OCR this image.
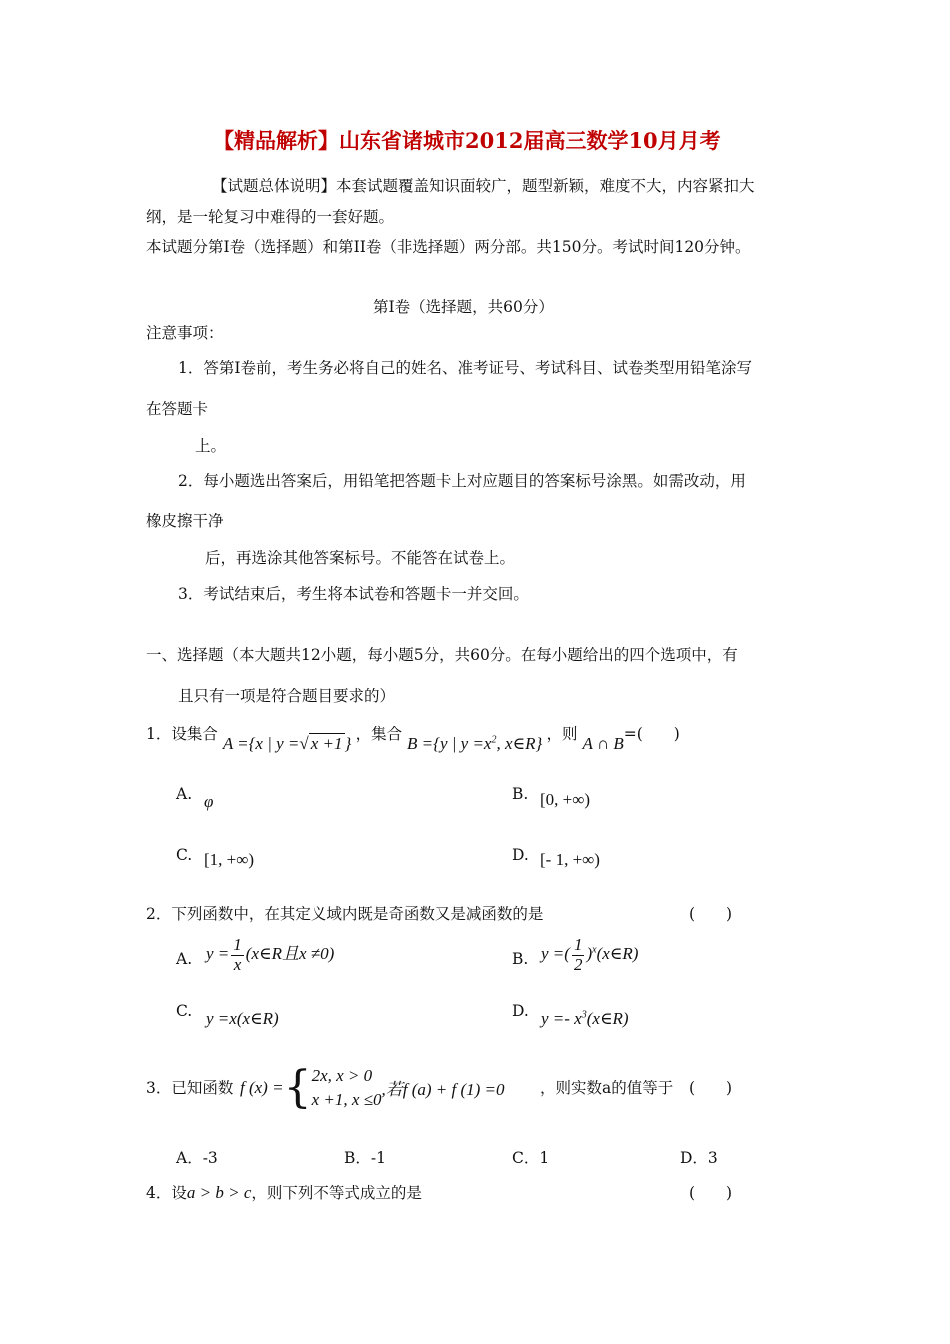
【精品解析】山东省诸城市2012届高三数学10月月考
【试题总体说明】本套试题覆盖知识面较广，题型新颖，难度不大，内容紧扣大
纲，是一轮复习中难得的一套好题。
本试题分第Ⅰ卷（选择题）和第II卷（非选择题）两分部。共150分。考试时间120分钟。
第Ⅰ卷（选择题，共60分）
注意事项：
1．答第Ⅰ卷前，考生务必将自己的姓名、准考证号、考试科目、试卷类型用铅笔涂写
在答题卡
上。
2．每小题选出答案后，用铅笔把答题卡上对应题目的答案标号涂黑。如需改动，用
橡皮擦干净
后，再选涂其他答案标号。不能答在试卷上。
3．考试结束后，考生将本试卷和答题卡一并交回。
一、选择题（本大题共12小题，每小题5分，共60分。在每小题给出的四个选项中，有
且只有一项是符合题目要求的）
1．设集合 A ={x | y =√ x +1 } ，集合 B ={y | $y =x^2$, x∈R} ，则 A ∩ B=(　　)
A. φ	B. [0, +∞)
C. [1, +∞)	D. [- 1, +∞)
2．下列函数中，在其定义域内既是奇函数又是减函数的是	(　　)
A. $y = \frac{1}{x}$ (x∈R且x ≠0)	B. y =( $\frac{1}{2}$ )$^x$(x∈R)
C. y =x(x∈R)	D. $y =- x^3(x\in R)$
3．已知函数 f (x) = { 2x, x > 0
x +1, x ≤0 ,若f (a) + f (1) =0 ，则实数a的值等于 (　　)
A．-3	B．-1	C．1	D．3
4．设a > b > c，则下列不等式成立的是	(　　)
